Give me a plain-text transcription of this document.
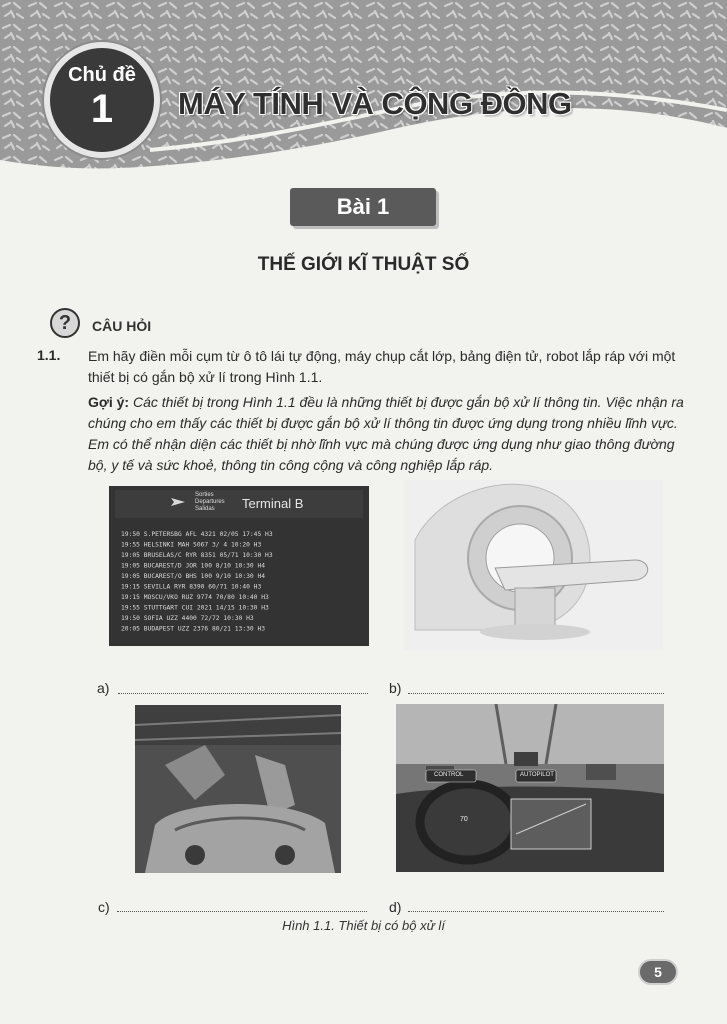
Chủ đề
1	MÁY TÍNH VÀ CỘNG ĐỒNG
Bài 1
THẾ GIỚI KĨ THUẬT SỐ
?	CÂU HỎI
1.1. Em hãy điền mỗi cụm từ ô tô lái tự động, máy chụp cắt lớp, bảng điện tử, robot lắp ráp với một thiết bị có gắn bộ xử lí trong Hình 1.1.
Gợi ý: Các thiết bị trong Hình 1.1 đều là những thiết bị được gắn bộ xử lí thông tin. Việc nhận ra chúng cho em thấy các thiết bị được gắn bộ xử lí thông tin được ứng dụng trong nhiều lĩnh vực. Em có thể nhận diện các thiết bị nhờ lĩnh vực mà chúng được ứng dụng như giao thông đường bộ, y tế và sức khoẻ, thông tin công cộng và công nghiệp lắp ráp.
19:50 S.PETERSBG AFL 4321 02/05 17:45 H3
19:55 HELSINKI MAH 5067 3/ 4 10:20 H3
19:05 BRUSELAS/C RYR 8351 05/71 10:30 H3
19:05 BUCAREST/D JOR 100 8/10 10:30 H4
19:05 BUCAREST/O BHS 100 9/10 10:30 H4
19:15 SEVILLA RYR 8390 60/71 10:40 H3
19:15 MOSCU/VKO RUZ 9774 70/80 10:40 H3
19:55 STUTTGART CUI 2021 14/15 10:30 H3
19:50 SOFIA UZZ 4400 72/72 10:30 H3
20:05 BUDAPEST UZZ 2376 80/21 13:30 H3
Sorties
Departures
Salidas Terminal B
a)	b)
CONTROL	AUTOPILOT
70
c)	d)
Hình 1.1. Thiết bị có bộ xử lí
5
